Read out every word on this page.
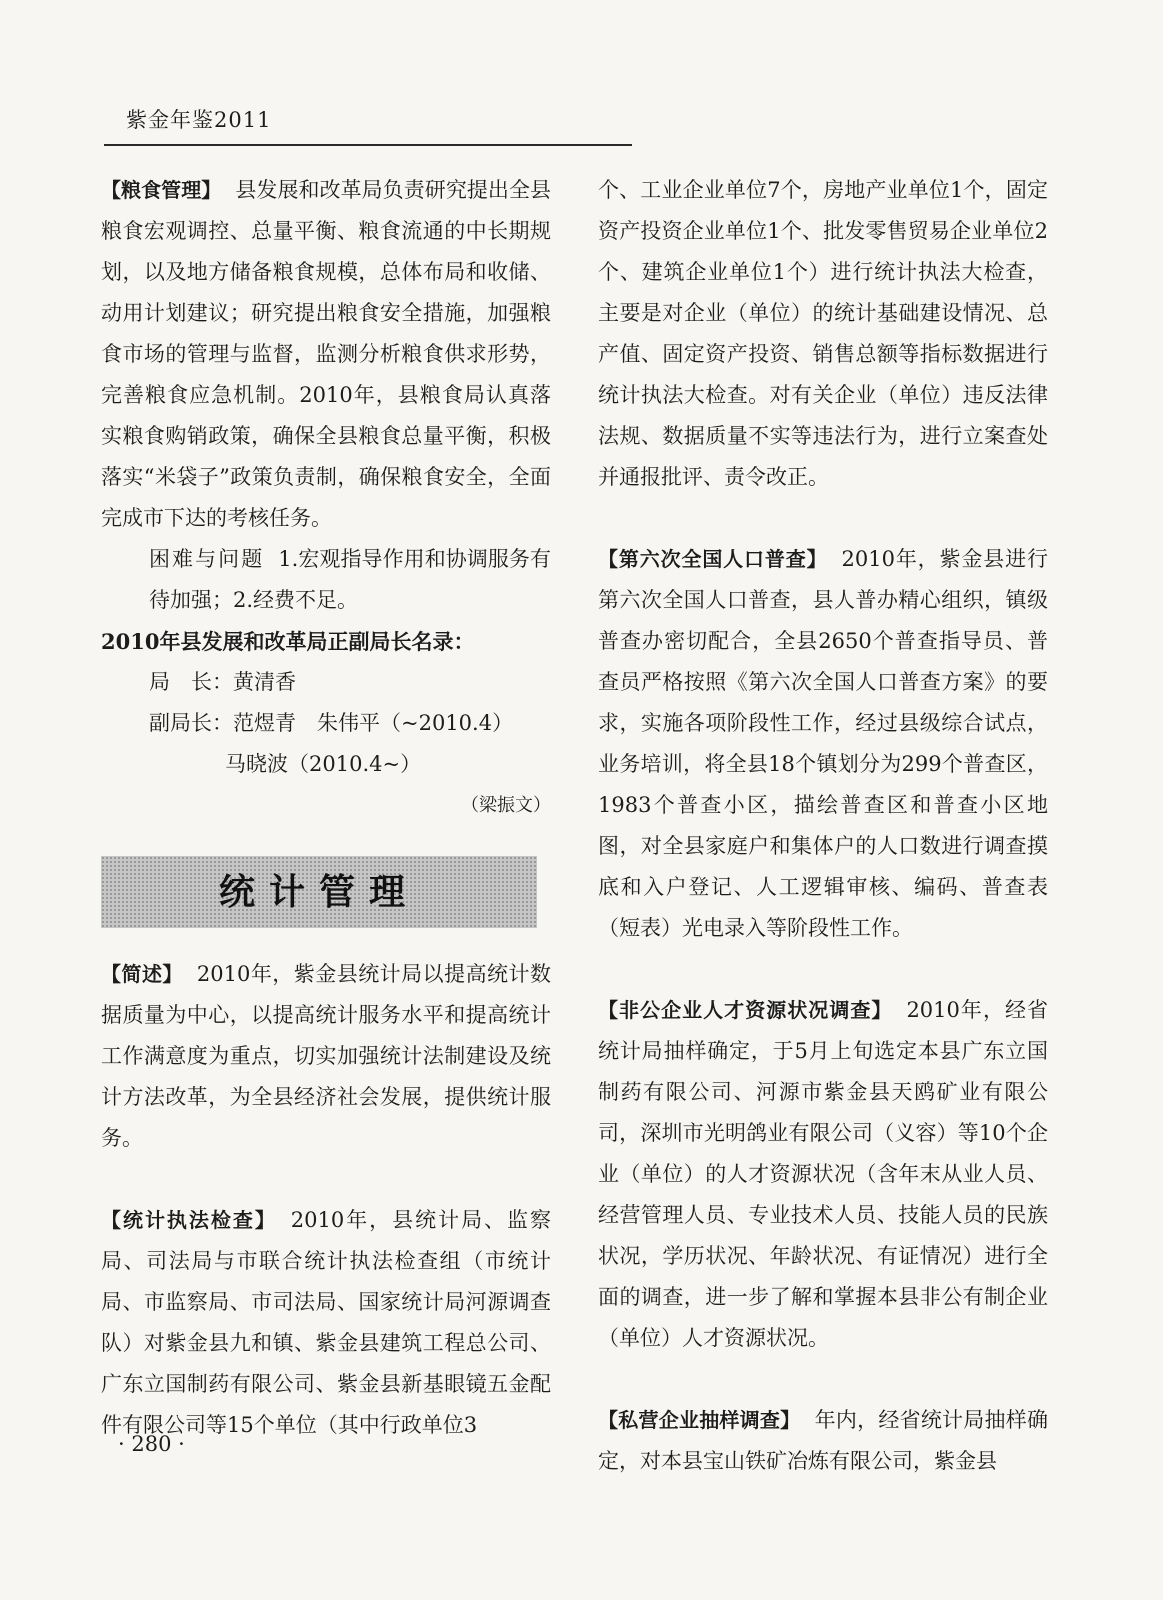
紫金年鉴2011

【粮食管理】 县发展和改革局负责研究提出全县粮食宏观调控、总量平衡、粮食流通的中长期规划，以及地方储备粮食规模，总体布局和收储、动用计划建议；研究提出粮食安全措施，加强粮食市场的管理与监督，监测分析粮食供求形势，完善粮食应急机制。2010年，县粮食局认真落实粮食购销政策，确保全县粮食总量平衡，积极落实“米袋子”政策负责制，确保粮食安全，全面完成市下达的考核任务。

困难与问题 1.宏观指导作用和协调服务有待加强；2.经费不足。

2010年县发展和改革局正副局长名录：

局　长：黄清香

副局长：范煜青　朱伟平（~2010.4）

马晓波（2010.4~）

（梁振文）

统计管理

【简述】 2010年，紫金县统计局以提高统计数据质量为中心，以提高统计服务水平和提高统计工作满意度为重点，切实加强统计法制建设及统计方法改革，为全县经济社会发展，提供统计服务。

【统计执法检查】 2010年，县统计局、监察局、司法局与市联合统计执法检查组（市统计局、市监察局、市司法局、国家统计局河源调查队）对紫金县九和镇、紫金县建筑工程总公司、广东立国制药有限公司、紫金县新基眼镜五金配件有限公司等15个单位（其中行政单位3

个、工业企业单位7个，房地产业单位1个，固定资产投资企业单位1个、批发零售贸易企业单位2个、建筑企业单位1个）进行统计执法大检查，主要是对企业（单位）的统计基础建设情况、总产值、固定资产投资、销售总额等指标数据进行统计执法大检查。对有关企业（单位）违反法律法规、数据质量不实等违法行为，进行立案查处并通报批评、责令改正。

【第六次全国人口普查】 2010年，紫金县进行第六次全国人口普查，县人普办精心组织，镇级普查办密切配合，全县2650个普查指导员、普查员严格按照《第六次全国人口普查方案》的要求，实施各项阶段性工作，经过县级综合试点，业务培训，将全县18个镇划分为299个普查区，1983个普查小区，描绘普查区和普查小区地图，对全县家庭户和集体户的人口数进行调查摸底和入户登记、人工逻辑审核、编码、普查表（短表）光电录入等阶段性工作。

【非公企业人才资源状况调查】 2010年，经省统计局抽样确定，于5月上旬选定本县广东立国制药有限公司、河源市紫金县天鸥矿业有限公司，深圳市光明鸽业有限公司（义容）等10个企业（单位）的人才资源状况（含年末从业人员、经营管理人员、专业技术人员、技能人员的民族状况，学历状况、年龄状况、有证情况）进行全面的调查，进一步了解和掌握本县非公有制企业（单位）人才资源状况。

【私营企业抽样调查】 年内，经省统计局抽样确定，对本县宝山铁矿冶炼有限公司，紫金县

· 280 ·
